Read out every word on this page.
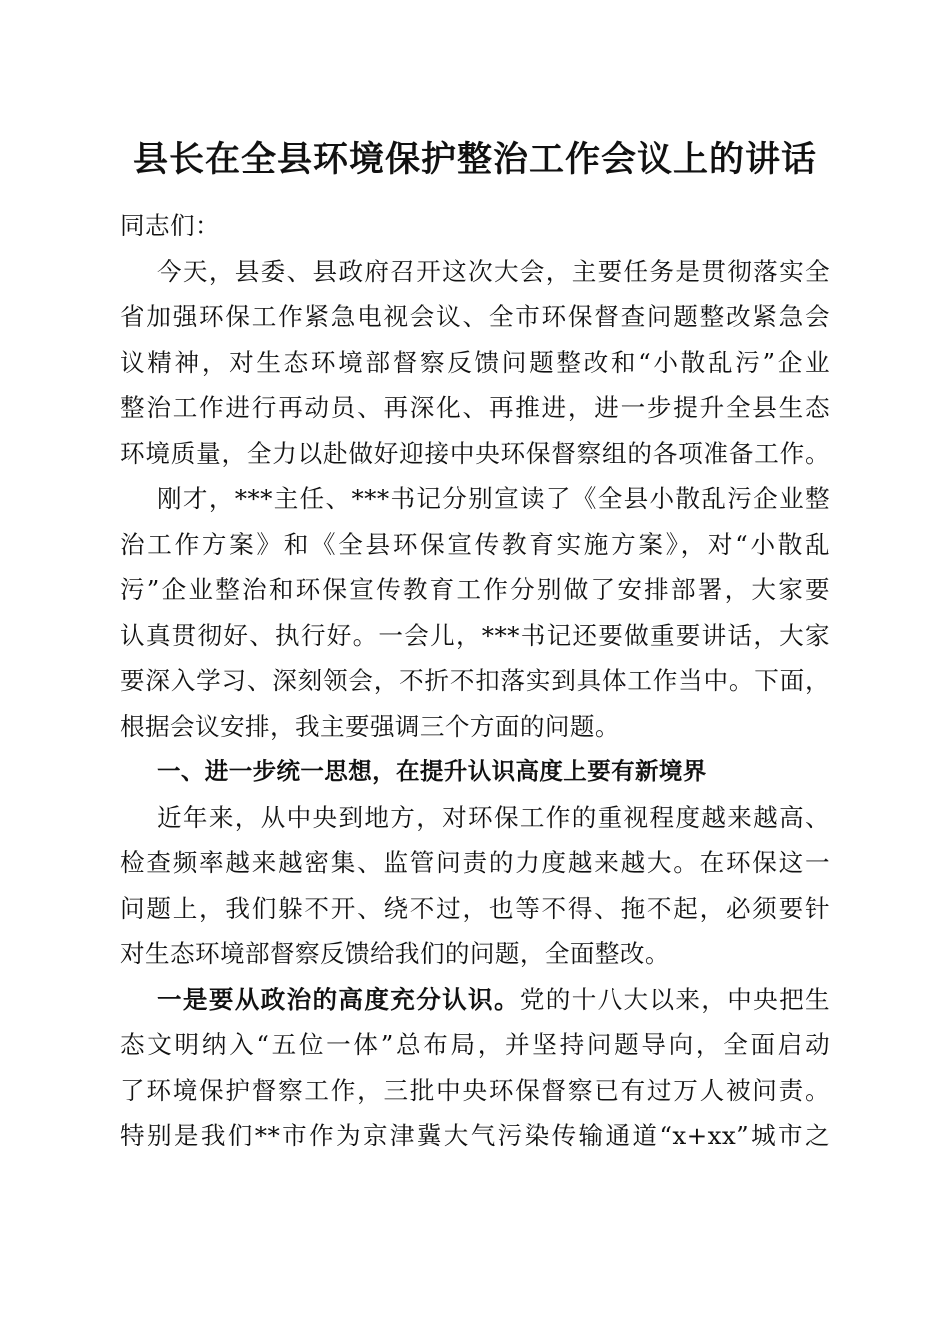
县长在全县环境保护整治工作会议上的讲话
同志们：
今天，县委、县政府召开这次大会，主要任务是贯彻落实全
省加强环保工作紧急电视会议、全市环保督查问题整改紧急会
议精神，对生态环境部督察反馈问题整改和“小散乱污”企业
整治工作进行再动员、再深化、再推进，进一步提升全县生态
环境质量，全力以赴做好迎接中央环保督察组的各项准备工作。
刚才，***主任、***书记分别宣读了《全县小散乱污企业整
治工作方案》和《全县环保宣传教育实施方案》，对“小散乱
污”企业整治和环保宣传教育工作分别做了安排部署，大家要
认真贯彻好、执行好。一会儿，***书记还要做重要讲话，大家
要深入学习、深刻领会，不折不扣落实到具体工作当中。下面，
根据会议安排，我主要强调三个方面的问题。
一、进一步统一思想，在提升认识高度上要有新境界
近年来，从中央到地方，对环保工作的重视程度越来越高、
检查频率越来越密集、监管问责的力度越来越大。在环保这一
问题上，我们躲不开、绕不过，也等不得、拖不起，必须要针
对生态环境部督察反馈给我们的问题，全面整改。
一是要从政治的高度充分认识。党的十八大以来，中央把生
态文明纳入“五位一体”总布局，并坚持问题导向，全面启动
了环境保护督察工作，三批中央环保督察已有过万人被问责。
特别是我们**市作为京津冀大气污染传输通道“x+xx”城市之
